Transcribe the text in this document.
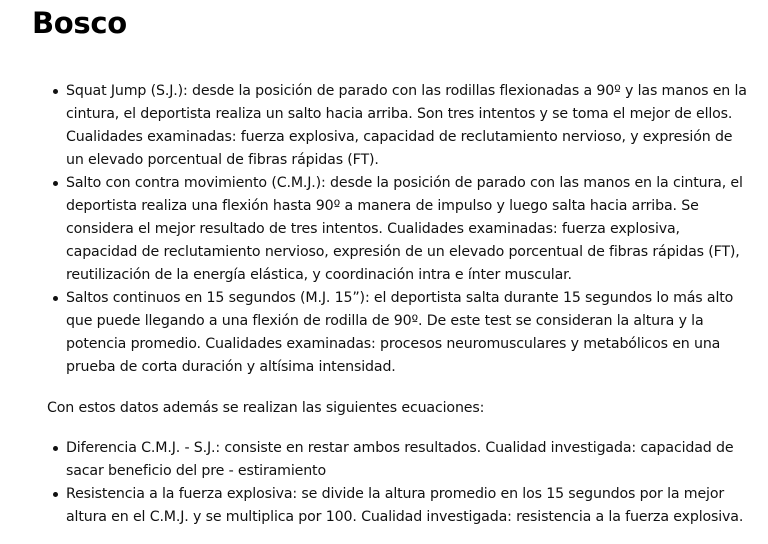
Bosco
Squat Jump (S.J.): desde la posición de parado con las rodillas flexionadas a 90º y las manos en la cintura, el deportista realiza un salto hacia arriba. Son tres intentos y se toma el mejor de ellos. Cualidades examinadas: fuerza explosiva, capacidad de reclutamiento nervioso, y expresión de un elevado porcentual de fibras rápidas (FT).
Salto con contra movimiento (C.M.J.): desde la posición de parado con las manos en la cintura, el deportista realiza una flexión hasta 90º a manera de impulso y luego salta hacia arriba. Se considera el mejor resultado de tres intentos. Cualidades examinadas: fuerza explosiva, capacidad de reclutamiento nervioso, expresión de un elevado porcentual de fibras rápidas (FT), reutilización de la energía elástica, y coordinación intra e ínter muscular.
Saltos continuos en 15 segundos (M.J. 15”): el deportista salta durante 15 segundos lo más alto que puede llegando a una flexión de rodilla de 90º. De este test se consideran la altura y la potencia promedio. Cualidades examinadas: procesos neuromusculares y metabólicos en una prueba de corta duración y altísima intensidad.

Con estos datos además se realizan las siguientes ecuaciones:

Diferencia C.M.J. - S.J.: consiste en restar ambos resultados. Cualidad investigada: capacidad de sacar beneficio del pre - estiramiento
Resistencia a la fuerza explosiva: se divide la altura promedio en los 15 segundos por la mejor altura en el C.M.J. y se multiplica por 100. Cualidad investigada: resistencia a la fuerza explosiva.
